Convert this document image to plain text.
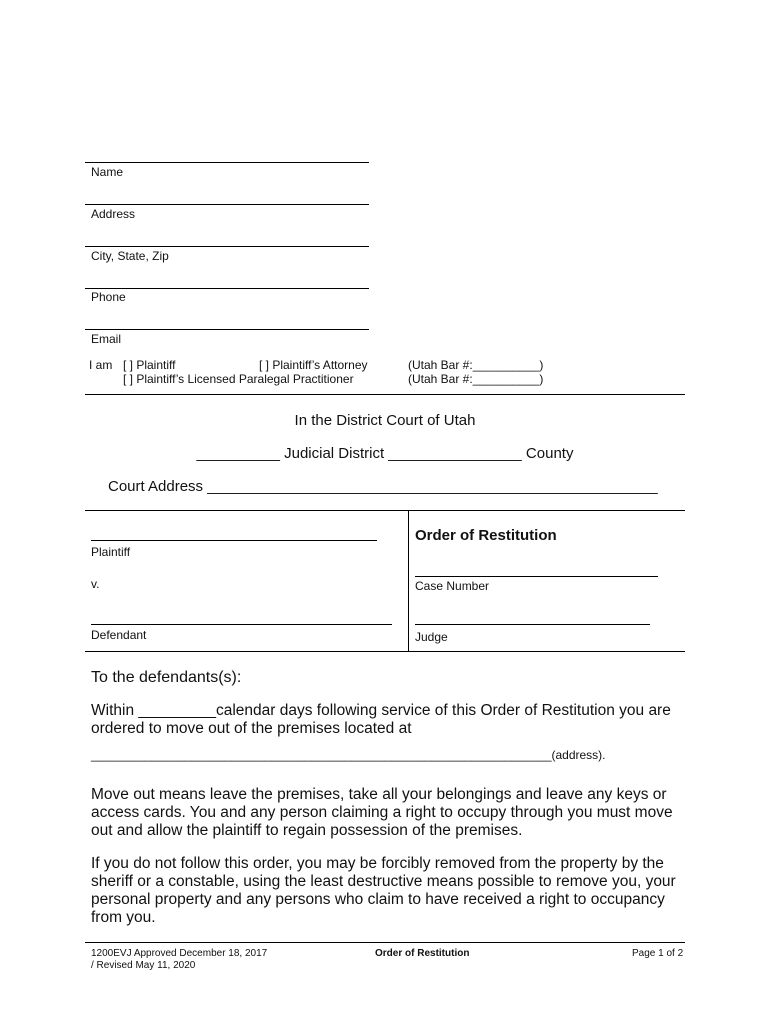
Name
Address
City, State, Zip
Phone
Email
I am [ ] Plaintiff	[ ] Plaintiff’s Attorney
[ ] Plaintiff’s Licensed Paralegal Practitioner
(Utah Bar #:__________)
(Utah Bar #:__________)
In the District Court of Utah
__________ Judicial District ________________ County
Court Address ______________________________________________________
Plaintiff
v.
Defendant
Order of Restitution
Case Number
Judge
To the defendants(s):
Within _________calendar days following service of this Order of Restitution you are
ordered to move out of the premises located at
_____________________________________________________________________(address).
Move out means leave the premises, take all your belongings and leave any keys or
access cards. You and any person claiming a right to occupy through you must move
out and allow the plaintiff to regain possession of the premises.
If you do not follow this order, you may be forcibly removed from the property by the
sheriff or a constable, using the least destructive means possible to remove you, your
personal property and any persons who claim to have received a right to occupancy
from you.
1200EVJ Approved December 18, 2017
/ Revised May 11, 2020
Order of Restitution	Page 1 of 2
